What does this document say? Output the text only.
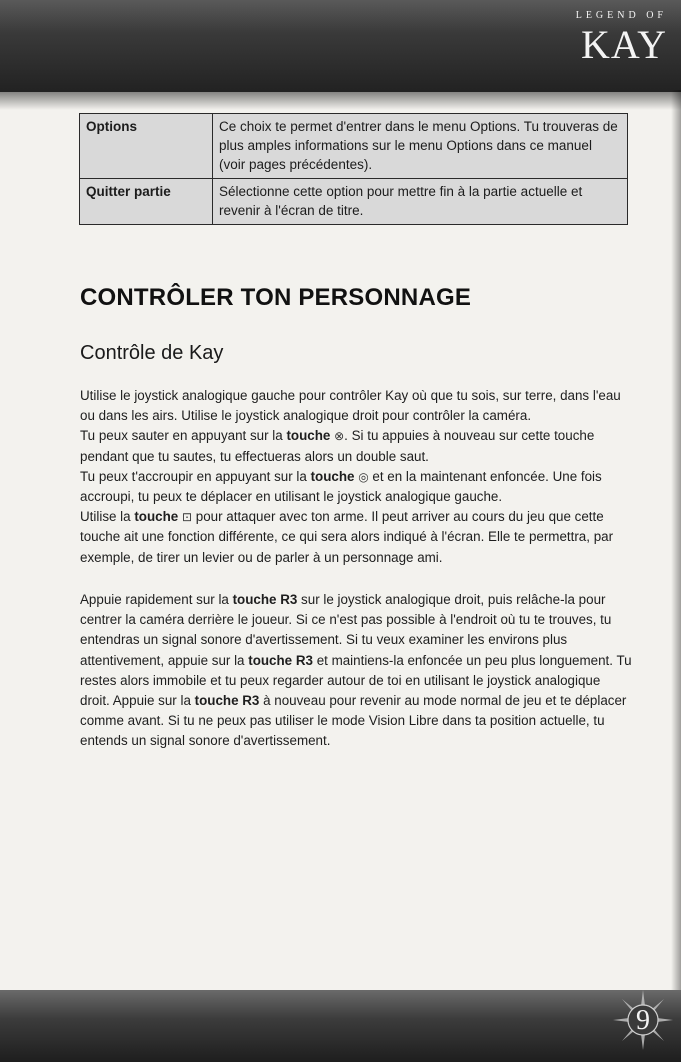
LEGEND OF
KAY
Options	Ce choix te permet d'entrer dans le menu Options. Tu trouveras de plus amples informations sur le menu Options dans ce manuel (voir pages précédentes).
Quitter partie	Sélectionne cette option pour mettre fin à la partie actuelle et revenir à l'écran de titre.
CONTRÔLER TON PERSONNAGE
Contrôle de Kay

Utilise le joystick analogique gauche pour contrôler Kay où que tu sois, sur terre, dans l'eau ou dans les airs. Utilise le joystick analogique droit pour contrôler la caméra.
Tu peux sauter en appuyant sur la touche ⊗. Si tu appuies à nouveau sur cette touche pendant que tu sautes, tu effectueras alors un double saut.
Tu peux t'accroupir en appuyant sur la touche ◎ et en la maintenant enfoncée. Une fois accroupi, tu peux te déplacer en utilisant le joystick analogique gauche.
Utilise la touche ⊡ pour attaquer avec ton arme. Il peut arriver au cours du jeu que cette touche ait une fonction différente, ce qui sera alors indiqué à l'écran. Elle te permettra, par exemple, de tirer un levier ou de parler à un personnage ami.

Appuie rapidement sur la touche R3 sur le joystick analogique droit, puis relâche-la pour centrer la caméra derrière le joueur. Si ce n'est pas possible à l'endroit où tu te trouves, tu entendras un signal sonore d'avertissement. Si tu veux examiner les environs plus attentivement, appuie sur la touche R3 et maintiens-la enfoncée un peu plus longuement. Tu restes alors immobile et tu peux regarder autour de toi en utilisant le joystick analogique droit. Appuie sur la touche R3 à nouveau pour revenir au mode normal de jeu et te déplacer comme avant. Si tu ne peux pas utiliser le mode Vision Libre dans ta position actuelle, tu entends un signal sonore d'avertissement.

9
